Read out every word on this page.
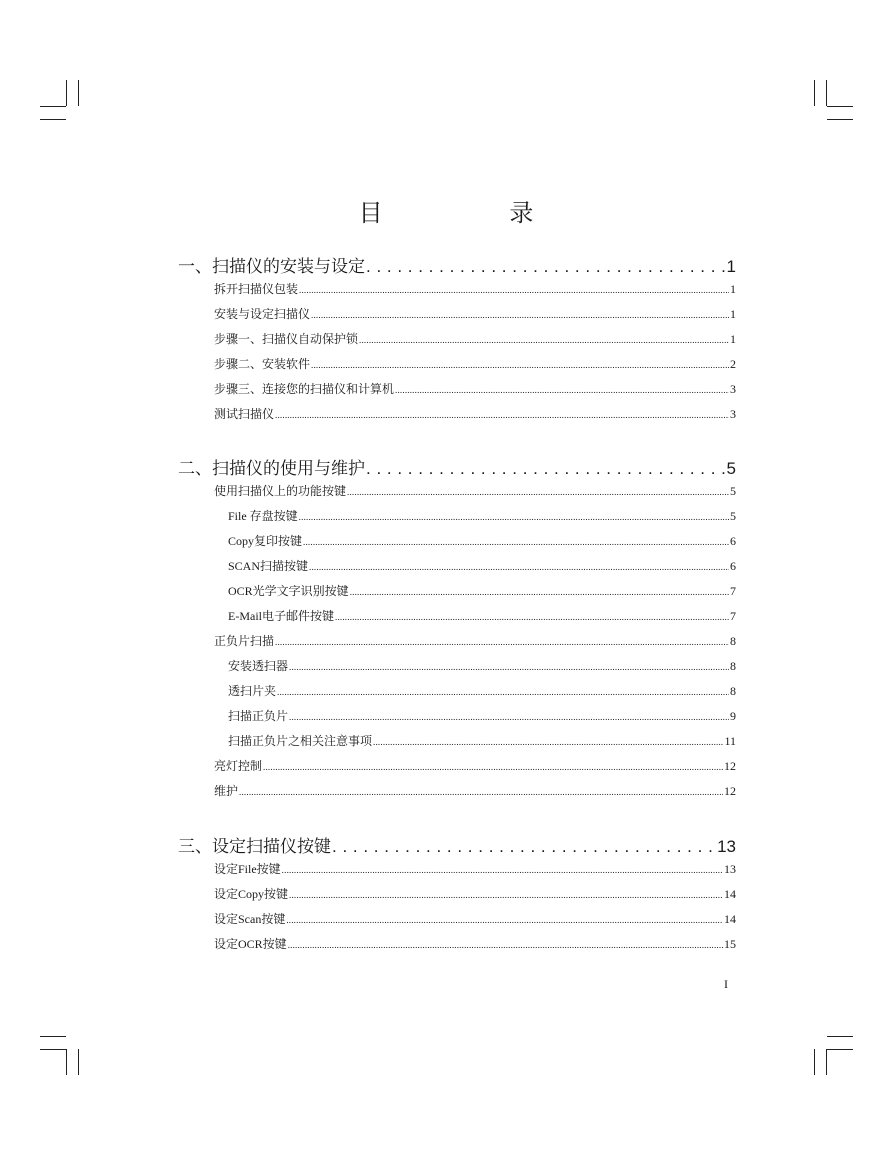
目 录
一、扫描仪的安装与设定 . . .	1
拆开扫描仪包装 .....	1
安装与设定扫描仪 .....	1
步骤一、扫描仪自动保护锁 .....	1
步骤二、安装软件 .....	2
步骤三、连接您的扫描仪和计算机 .....	3
测试扫描仪 .....	3
二、扫描仪的使用与维护 . . .	5
使用扫描仪上的功能按键 .....	5
File 存盘按键 .....	5
Copy复印按键 .....	6
SCAN扫描按键 .....	6
OCR光学文字识别按键 .....	7
E-Mail电子邮件按键 .....	7
正负片扫描 .....	8
安装透扫器 .....	8
透扫片夹 .....	8
扫描正负片 .....	9
扫描正负片之相关注意事项 .....	11
亮灯控制 .....	12
维护 .....	12
三、设定扫描仪按键 . . .	13
设定File按键 .....	13
设定Copy按键 .....	14
设定Scan按键 .....	14
设定OCR按键 .....	15
I
